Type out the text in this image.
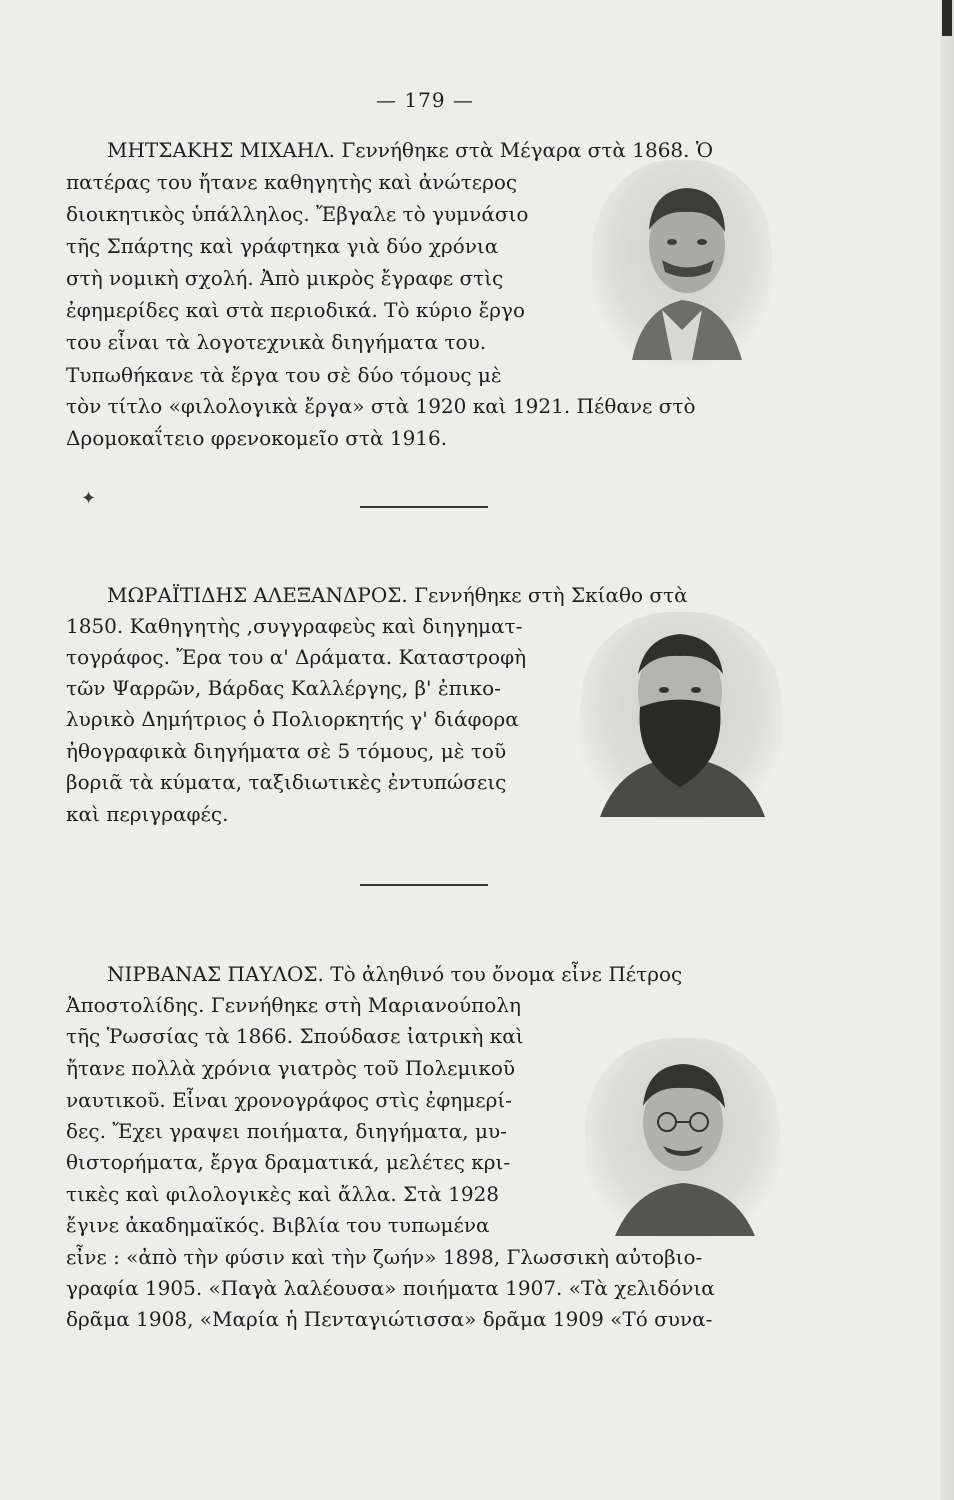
— 179 —
ΜΗΤΣΑΚΗΣ ΜΙΧΑΗΛ. Γεννήθηκε στὰ Μέγαρα στὰ 1868. Ὁ
πατέρας του ἤτανε καθηγητὴς καὶ ἀνώτερος
διοικητικὸς ὑπάλληλος. Ἔβγαλε τὸ γυμνάσιο
τῆς Σπάρτης καὶ γράφτηκα γιὰ δύο χρόνια
στὴ νομικὴ σχολή. Ἀπὸ μικρὸς ἔγραφε στὶς
ἐφημερίδες καὶ στὰ περιοδικά. Τὸ κύριο ἔργο
του εἶναι τὰ λογοτεχνικὰ διηγήματα του.
Τυπωθήκανε τὰ ἔργα του σὲ δύο τόμους μὲ
τὸν τίτλο «φιλολογικὰ ἔργα» στὰ 1920 καὶ 1921. Πέθανε στὸ
Δρομοκαΐτειο φρενοκομεῖο στὰ 1916.
✦
ΜΩΡΑΪΤΙΔΗΣ ΑΛΕΞΑΝΔΡΟΣ. Γεννήθηκε στὴ Σκίαθο στὰ
1850. Καθηγητὴς ,συγγραφεὺς καὶ διηγηματ-
τογράφος. Ἔρα του α' Δράματα. Καταστροφὴ
τῶν Ψαρρῶν, Βάρδας Καλλέργης, β' ἐπικο-
λυρικὸ Δημήτριος ὁ Πολιορκητής γ' διάφορα
ἠθογραφικὰ διηγήματα σὲ 5 τόμους, μὲ τοῦ
βοριᾶ τὰ κύματα, ταξιδιωτικὲς ἐντυπώσεις
καὶ περιγραφές.
ΝΙΡΒΑΝΑΣ ΠΑΥΛΟΣ. Τὸ ἀληθινό του ὄνομα εἶνε Πέτρος
Ἀποστολίδης. Γεννήθηκε στὴ Μαριανούπολη
τῆς Ῥωσσίας τὰ 1866. Σπούδασε ἰατρικὴ καὶ
ἤτανε πολλὰ χρόνια γιατρὸς τοῦ Πολεμικοῦ
ναυτικοῦ. Εἶναι χρονογράφος στὶς ἐφημερί-
δες. Ἔχει γραψει ποιήματα, διηγήματα, μυ-
θιστορήματα, ἔργα δραματικά, μελέτες κρι-
τικὲς καὶ φιλολογικὲς καὶ ἄλλα. Στὰ 1928
ἔγινε ἀκαδημαϊκός. Βιβλία του τυπωμένα
εἶνε : «ἀπὸ τὴν φύσιν καὶ τὴν ζωήν» 1898, Γλωσσικὴ αὐτοβιο-
γραφία 1905. «Παγὰ λαλέουσα» ποιήματα 1907. «Τὰ χελιδόνια
δρᾶμα 1908, «Μαρία ἡ Πενταγιώτισσα» δρᾶμα 1909 «Τό συνα-
